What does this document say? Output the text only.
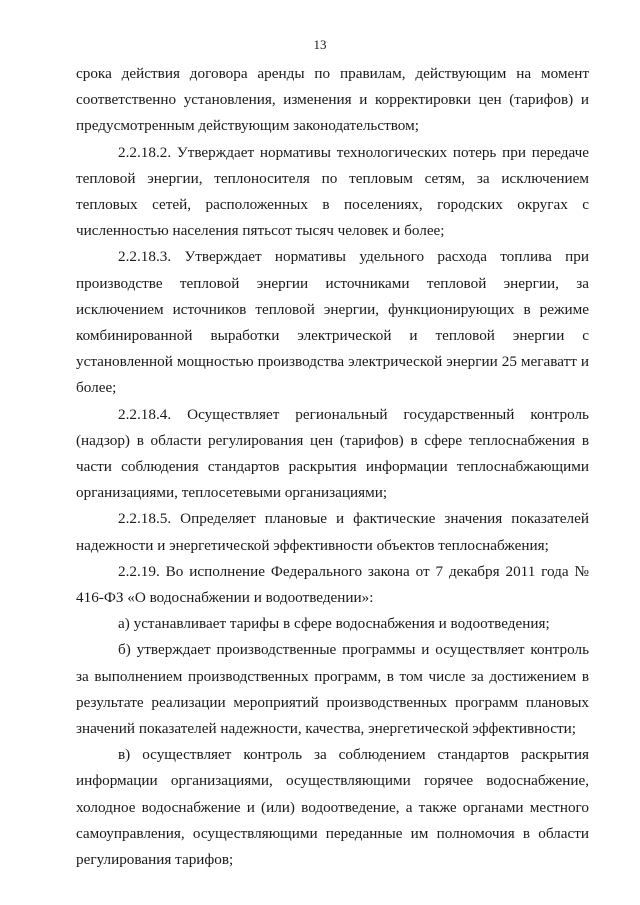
13

срока действия договора аренды по правилам, действующим на момент соответственно установления, изменения и корректировки цен (тарифов) и предусмотренным действующим законодательством;

2.2.18.2. Утверждает нормативы технологических потерь при передаче тепловой энергии, теплоносителя по тепловым сетям, за исключением тепловых сетей, расположенных в поселениях, городских округах с численностью населения пятьсот тысяч человек и более;

2.2.18.3. Утверждает нормативы удельного расхода топлива при производстве тепловой энергии источниками тепловой энергии, за исключением источников тепловой энергии, функционирующих в режиме комбинированной выработки электрической и тепловой энергии с установленной мощностью производства электрической энергии 25 мегаватт и более;

2.2.18.4. Осуществляет региональный государственный контроль (надзор) в области регулирования цен (тарифов) в сфере теплоснабжения в части соблюдения стандартов раскрытия информации теплоснабжающими организациями, теплосетевыми организациями;

2.2.18.5. Определяет плановые и фактические значения показателей надежности и энергетической эффективности объектов теплоснабжения;

2.2.19. Во исполнение Федерального закона от 7 декабря 2011 года № 416-ФЗ «О водоснабжении и водоотведении»:

а) устанавливает тарифы в сфере водоснабжения и водоотведения;

б) утверждает производственные программы и осуществляет контроль за выполнением производственных программ, в том числе за достижением в результате реализации мероприятий производственных программ плановых значений показателей надежности, качества, энергетической эффективности;

в) осуществляет контроль за соблюдением стандартов раскрытия информации организациями, осуществляющими горячее водоснабжение, холодное водоснабжение и (или) водоотведение, а также органами местного самоуправления, осуществляющими переданные им полномочия в области регулирования тарифов;
